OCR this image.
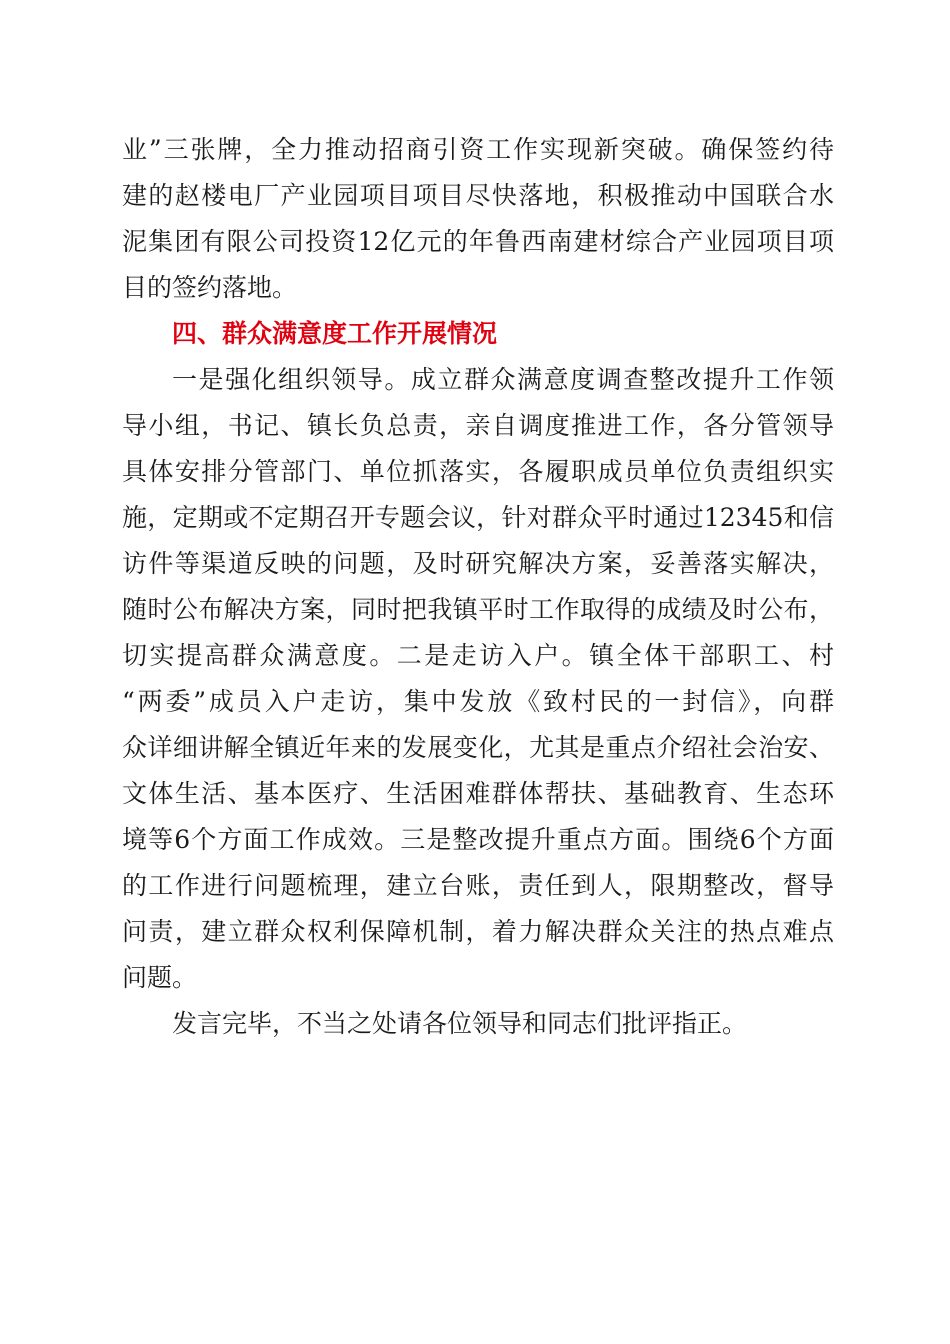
业”三张牌，全力推动招商引资工作实现新突破。确保签约待
建的赵楼电厂产业园项目项目尽快落地，积极推动中国联合水
泥集团有限公司投资12亿元的年鲁西南建材综合产业园项目项
目的签约落地。
四、群众满意度工作开展情况
一是强化组织领导。成立群众满意度调查整改提升工作领
导小组，书记、镇长负总责，亲自调度推进工作，各分管领导
具体安排分管部门、单位抓落实，各履职成员单位负责组织实
施，定期或不定期召开专题会议，针对群众平时通过12345和信
访件等渠道反映的问题，及时研究解决方案，妥善落实解决，
随时公布解决方案，同时把我镇平时工作取得的成绩及时公布，
切实提高群众满意度。二是走访入户。镇全体干部职工、村
“两委”成员入户走访，集中发放《致村民的一封信》，向群
众详细讲解全镇近年来的发展变化，尤其是重点介绍社会治安、
文体生活、基本医疗、生活困难群体帮扶、基础教育、生态环
境等6个方面工作成效。三是整改提升重点方面。围绕6个方面
的工作进行问题梳理，建立台账，责任到人，限期整改，督导
问责，建立群众权利保障机制，着力解决群众关注的热点难点
问题。
发言完毕，不当之处请各位领导和同志们批评指正。
